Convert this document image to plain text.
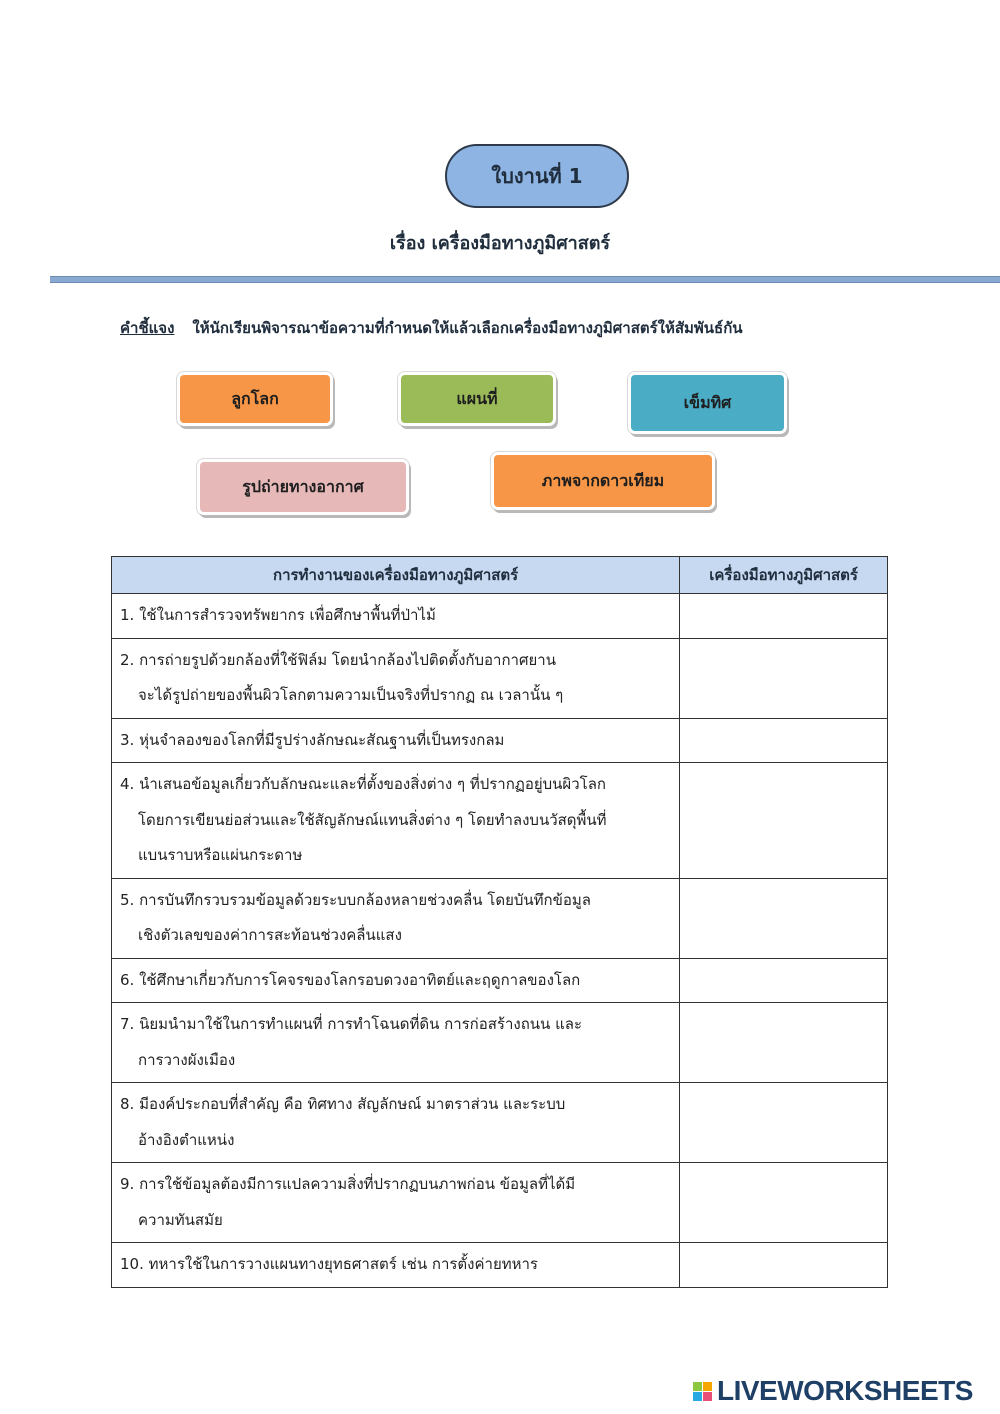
ใบงานที่ 1
เรื่อง เครื่องมือทางภูมิศาสตร์
คำชี้แจง ให้นักเรียนพิจารณาข้อความที่กำหนดให้แล้วเลือกเครื่องมือทางภูมิศาสตร์ให้สัมพันธ์กัน
ลูกโลก	แผนที่	เข็มทิศ
รูปถ่ายทางอากาศ	ภาพจากดาวเทียม
การทำงานของเครื่องมือทางภูมิศาสตร์	เครื่องมือทางภูมิศาสตร์

1. ใช้ในการสำรวจทรัพยากร เพื่อศึกษาพื้นที่ป่าไม้	

2. การถ่ายรูปด้วยกล้องที่ใช้ฟิล์ม โดยนำกล้องไปติดตั้งกับอากาศยาน
จะได้รูปถ่ายของพื้นผิวโลกตามความเป็นจริงที่ปรากฏ ณ เวลานั้น ๆ	

3. หุ่นจำลองของโลกที่มีรูปร่างลักษณะสัณฐานที่เป็นทรงกลม	

4. นำเสนอข้อมูลเกี่ยวกับลักษณะและที่ตั้งของสิ่งต่าง ๆ ที่ปรากฏอยู่บนผิวโลก
โดยการเขียนย่อส่วนและใช้สัญลักษณ์แทนสิ่งต่าง ๆ โดยทำลงบนวัสดุพื้นที่
แบนราบหรือแผ่นกระดาษ	

5. การบันทึกรวบรวมข้อมูลด้วยระบบกล้องหลายช่วงคลื่น โดยบันทึกข้อมูล
เชิงตัวเลขของค่าการสะท้อนช่วงคลื่นแสง	

6. ใช้ศึกษาเกี่ยวกับการโคจรของโลกรอบดวงอาทิตย์และฤดูกาลของโลก	

7. นิยมนำมาใช้ในการทำแผนที่ การทำโฉนดที่ดิน การก่อสร้างถนน และ
การวางผังเมือง	

8. มีองค์ประกอบที่สำคัญ คือ ทิศทาง สัญลักษณ์ มาตราส่วน และระบบ
อ้างอิงตำแหน่ง	

9. การใช้ข้อมูลต้องมีการแปลความสิ่งที่ปรากฏบนภาพก่อน ข้อมูลที่ได้มี
ความทันสมัย	

10. ทหารใช้ในการวางแผนทางยุทธศาสตร์ เช่น การตั้งค่ายทหาร	

LIVEWORKSHEETS
